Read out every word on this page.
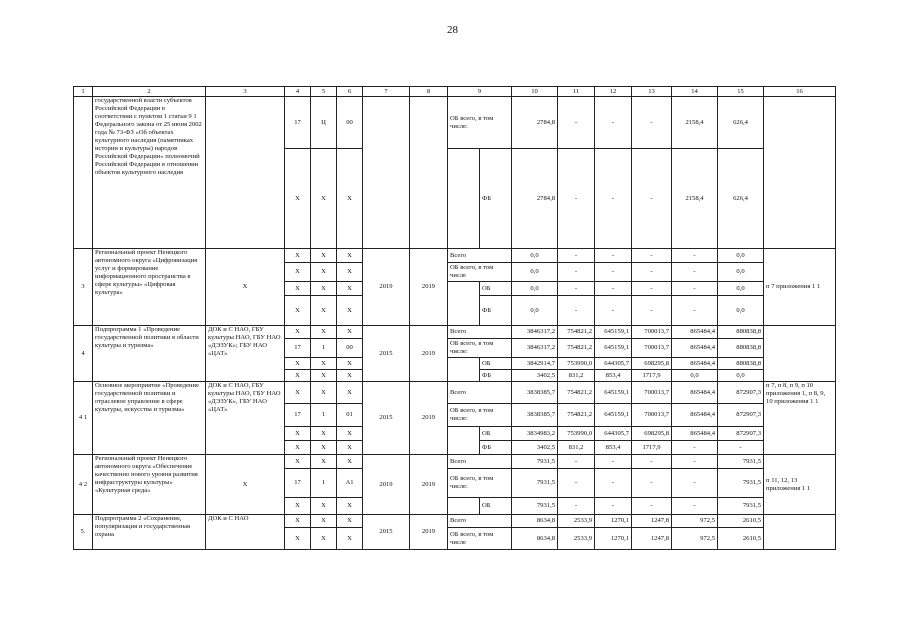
28
1	2	3	4	5	6	7	8	9		10	11	12	13	14	15	16
	государственной власти субъектов Российской Федерации в соответствии с пунктом 1 статьи 9 1 Федерального закона от 25 июня 2002 года № 73-ФЗ «Об объектах культурного наследия (памятниках истории и культуры) народов Российской Федерации» полномочий Российской Федерации в отношении объектов культурного наследия		17	Ц	00			ОБ всего, в том числе:		2784,8	-	-	-	2158,4	626,4	
			X	X	X				ФБ	2784,8	-	-	-	2158,4	626,4	
3	Региональный проект Ненецкого автономного округа «Цифровизация услуг и формирование информационного пространства в сфере культуры» «Цифровая культура»	X	X	X	X	2019	2019	Всего		0,0	-	-	-	-	0,0	п 7 приложения 1 1
			X	X	X			ОБ всего, в том числе		0,0	-	-	-	-	0,0	
			X	X	X				ОБ	0,0	-	-	-	-	0,0	
			X	X	X				ФБ	0,0	-	-	-	-	0,0	
4	Подпрограмма 1 «Проведение государственной политики в области культуры и туризма»	ДОК и С НАО, ГБУ культуры НАО, ГБУ НАО «ДЭЗУК»; ГБУ НАО «ЦАТ»	X	X	X	2015	2019	Всего		3846317,2	754821,2	645159,1	700013,7	865484,4	880838,8	
			17	1	00			ОБ всего, в том числе:		3846317,2	754821,2	645159,1	700013,7	865484,4	880838,8	
			X	X	X				ОБ	3842914,7	753990,0	644305,7	698295,8	865484,4	880838,8	
			X	X	X				ФБ	3402,5	831,2	853,4	1717,9	0,0	0,0	
4 1	Основное мероприятие «Проведение государственной политики и отраслевое управление в сфере культуры, искусства и туризма»	ДОК и С НАО, ГБУ культуры НАО, ГБУ НАО «ДЭЗУК», ГБУ НАО «ЦАТ»	X	X	X	2015	2019	Всего		3838385,7	754821,2	645159,1	700013,7	865484,4	872907,3	п 7, п 8, п 9, п 10 приложения 1, п 8, 9, 10 приложения 1 1
			17	1	01			ОБ всего, в том числе:		3838385,7	754821,2	645159,1	700013,7	865484,4	872907,3	
			X	X	X				ОБ	3834983,2	753990,0	644305,7	698295,8	865484,4	872907,3	
			X	X	X				ФБ	3402,5	831,2	853,4	1717,9	-	-	
4 2	Региональный проект Ненецкого автономного округа «Обеспечение качественно нового уровня развития инфраструктуры культуры» «Культурная среда»	X	X	X	X	2019	2019	Всего		7931,5	-	-	-	-	7931,5	п 11, 12, 13 приложения 1 1
			17	1	A1			ОБ всего, в том числе:		7931,5	-	-	-	-	7931,5	
			X	X	X				ОБ	7931,5	-	-	-	-	7931,5	
5.	Подпрограмма 2 «Сохранение, популяризация и государственная охрана	ДОК и С НАО	X	X	X	2015	2019	Всего		8634,8	2533,9	1270,1	1247,8	972,5	2610,5	
			X	X	X			ОБ всего, в том числе		8634,8	2533,9	1270,1	1247,8	972,5	2610,5	
